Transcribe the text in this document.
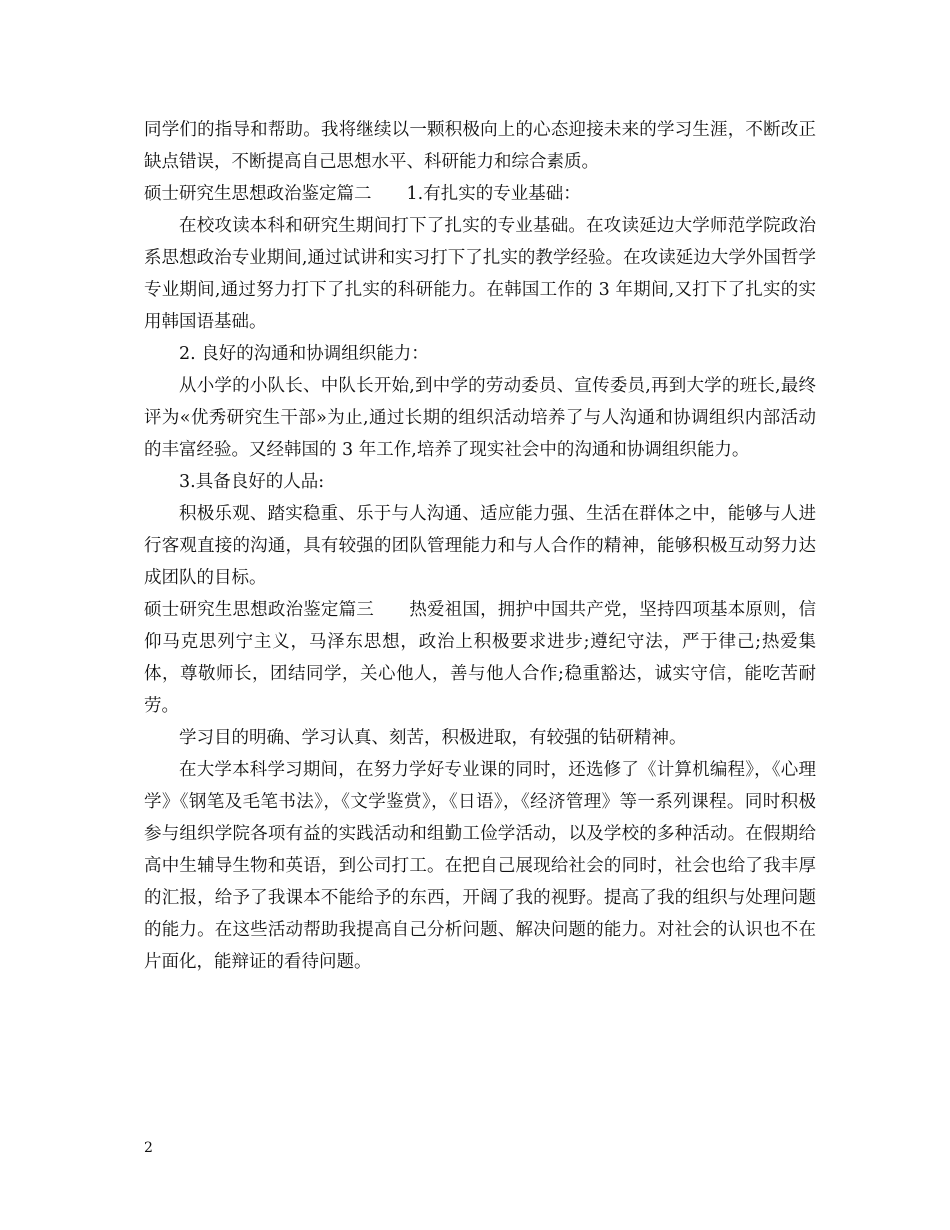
同学们的指导和帮助。我将继续以一颗积极向上的心态迎接未来的学习生涯，不断改正缺点错误，不断提高自己思想水平、科研能力和综合素质。

硕士研究生思想政治鉴定篇二　　1.有扎实的专业基础：

在校攻读本科和研究生期间打下了扎实的专业基础。在攻读延边大学师范学院政治系思想政治专业期间,通过试讲和实习打下了扎实的教学经验。在攻读延边大学外国哲学专业期间,通过努力打下了扎实的科研能力。在韩国工作的 3 年期间,又打下了扎实的实用韩国语基础。

2. 良好的沟通和协调组织能力：

从小学的小队长、中队长开始,到中学的劳动委员、宣传委员,再到大学的班长,最终评为«优秀研究生干部»为止,通过长期的组织活动培养了与人沟通和协调组织内部活动的丰富经验。又经韩国的 3 年工作,培养了现实社会中的沟通和协调组织能力。

3.具备良好的人品:

积极乐观、踏实稳重、乐于与人沟通、适应能力强、生活在群体之中，能够与人进行客观直接的沟通，具有较强的团队管理能力和与人合作的精神，能够积极互动努力达成团队的目标。

硕士研究生思想政治鉴定篇三　　热爱祖国，拥护中国共产党，坚持四项基本原则，信仰马克思列宁主义，马泽东思想，政治上积极要求进步;遵纪守法，严于律己;热爱集体，尊敬师长，团结同学，关心他人，善与他人合作;稳重豁达，诚实守信，能吃苦耐劳。

学习目的明确、学习认真、刻苦，积极进取，有较强的钻研精神。

在大学本科学习期间，在努力学好专业课的同时，还选修了《计算机编程》，《心理学》《钢笔及毛笔书法》，《文学鉴赏》，《日语》，《经济管理》等一系列课程。同时积极参与组织学院各项有益的实践活动和组勤工俭学活动，以及学校的多种活动。在假期给高中生辅导生物和英语，到公司打工。在把自己展现给社会的同时，社会也给了我丰厚的汇报，给予了我课本不能给予的东西，开阔了我的视野。提高了我的组织与处理问题的能力。在这些活动帮助我提高自己分析问题、解决问题的能力。对社会的认识也不在片面化，能辩证的看待问题。

2
